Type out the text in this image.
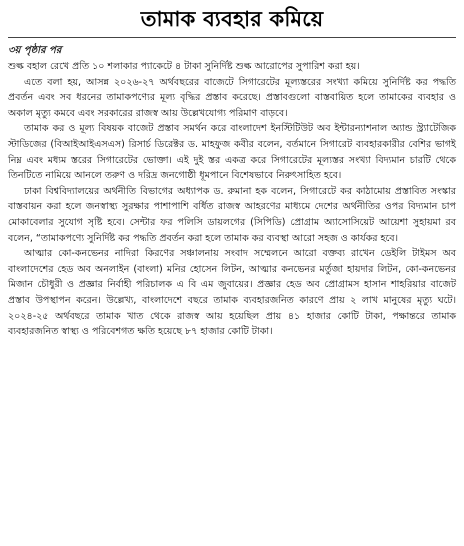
তামাক ব্যবহার কমিয়ে
৩য় পৃষ্ঠার পর

শুল্ক বহাল রেখে প্রতি ১০ শলাকার প্যাকেটে ৪ টাকা সুনির্দিষ্ট শুল্ক আরোপের সুপারিশ করা হয়।

এতে বলা হয়, আসন্ন ২০২৬-২৭ অর্থবছরের বাজেটে সিগারেটের মূল্যস্তরের সংখ্যা কমিয়ে সুনির্দিষ্ট কর পদ্ধতি প্রবর্তন এবং সব ধরনের তামাকপণ্যের মূল্য বৃদ্ধির প্রস্তাব করেছে। প্রস্তাবগুলো বাস্তবায়িত হলে তামাকের ব্যবহার ও অকাল মৃত্যু কমবে এবং সরকারের রাজস্ব আয় উল্লেখযোগ্য পরিমাণ বাড়বে।

তামাক কর ও মূল্য বিষয়ক বাজেট প্রস্তাব সমর্থন করে বাংলাদেশ ইনস্টিটিউট অব ইন্টারন্যাশনাল অ্যান্ড স্ট্র্যাটেজিক স্টাডিজের (বিআইআইএসএস) রিসার্চ ডিরেক্টর ড. মাহফুজ কবীর বলেন, বর্তমানে সিগারেট ব্যবহারকারীর বেশির ভাগই নিম্ন এবং মধ্যম স্তরের সিগারেটের ভোক্তা। এই দুই স্তর একত্র করে সিগারেটের মূল্যস্তর সংখ্যা বিদ্যমান চারটি থেকে তিনটিতে নামিয়ে আনলে তরুণ ও দরিদ্র জনগোষ্ঠী ধূমপানে বিশেষভাবে নিরুৎসাহিত হবে।

ঢাকা বিশ্ববিদ্যালয়ের অর্থনীতি বিভাগের অধ্যাপক ড. রুমানা হক বলেন, সিগারেটে কর কাঠামোয় প্রস্তাবিত সংস্কার বাস্তবায়ন করা হলে জনস্বাস্থ্য সুরক্ষার পাশাপাশি বর্ধিত রাজস্ব আহরণের মাধ্যমে দেশের অর্থনীতির ওপর বিদ্যমান চাপ মোকাবেলার সুযোগ সৃষ্টি হবে। সেন্টার ফর পলিসি ডায়লগের (সিপিডি) প্রোগ্রাম অ্যাসোসিয়েট আয়েশা সুহায়মা রব বলেন, “তামাকপণ্যে সুনির্দিষ্ট কর পদ্ধতি প্রবর্তন করা হলে তামাক কর ব্যবস্থা আরো সহজ ও কার্যকর হবে।

আত্মার কো-কনভেনর নাদিরা কিরণের সঞ্চালনায় সংবাদ সম্মেলনে আরো বক্তব্য রাখেন ডেইলি টাইমস অব বাংলাদেশের হেড অব অনলাইন (বাংলা) মনির হোসেন লিটন, আত্মার কনভেনর মর্তুজা হায়দার লিটন, কো-কনভেনর মিজান চৌধুরী ও প্রজ্ঞার নির্বাহী পরিচালক এ বি এম জুবায়ের। প্রজ্ঞার হেড অব প্রোগ্রামস হাসান শাহরিয়ার বাজেট প্রস্তাব উপস্থাপন করেন। উল্লেখ্য, বাংলাদেশে বছরে তামাক ব্যবহারজনিত কারণে প্রায় ২ লাখ মানুষের মৃত্যু ঘটে। ২০২৪-২৫ অর্থবছরে তামাক খাত থেকে রাজস্ব আয় হয়েছিল প্রায় ৪১ হাজার কোটি টাকা, পক্ষান্তরে তামাক ব্যবহারজনিত স্বাস্থ্য ও পরিবেশগত ক্ষতি হয়েছে ৮৭ হাজার কোটি টাকা।
